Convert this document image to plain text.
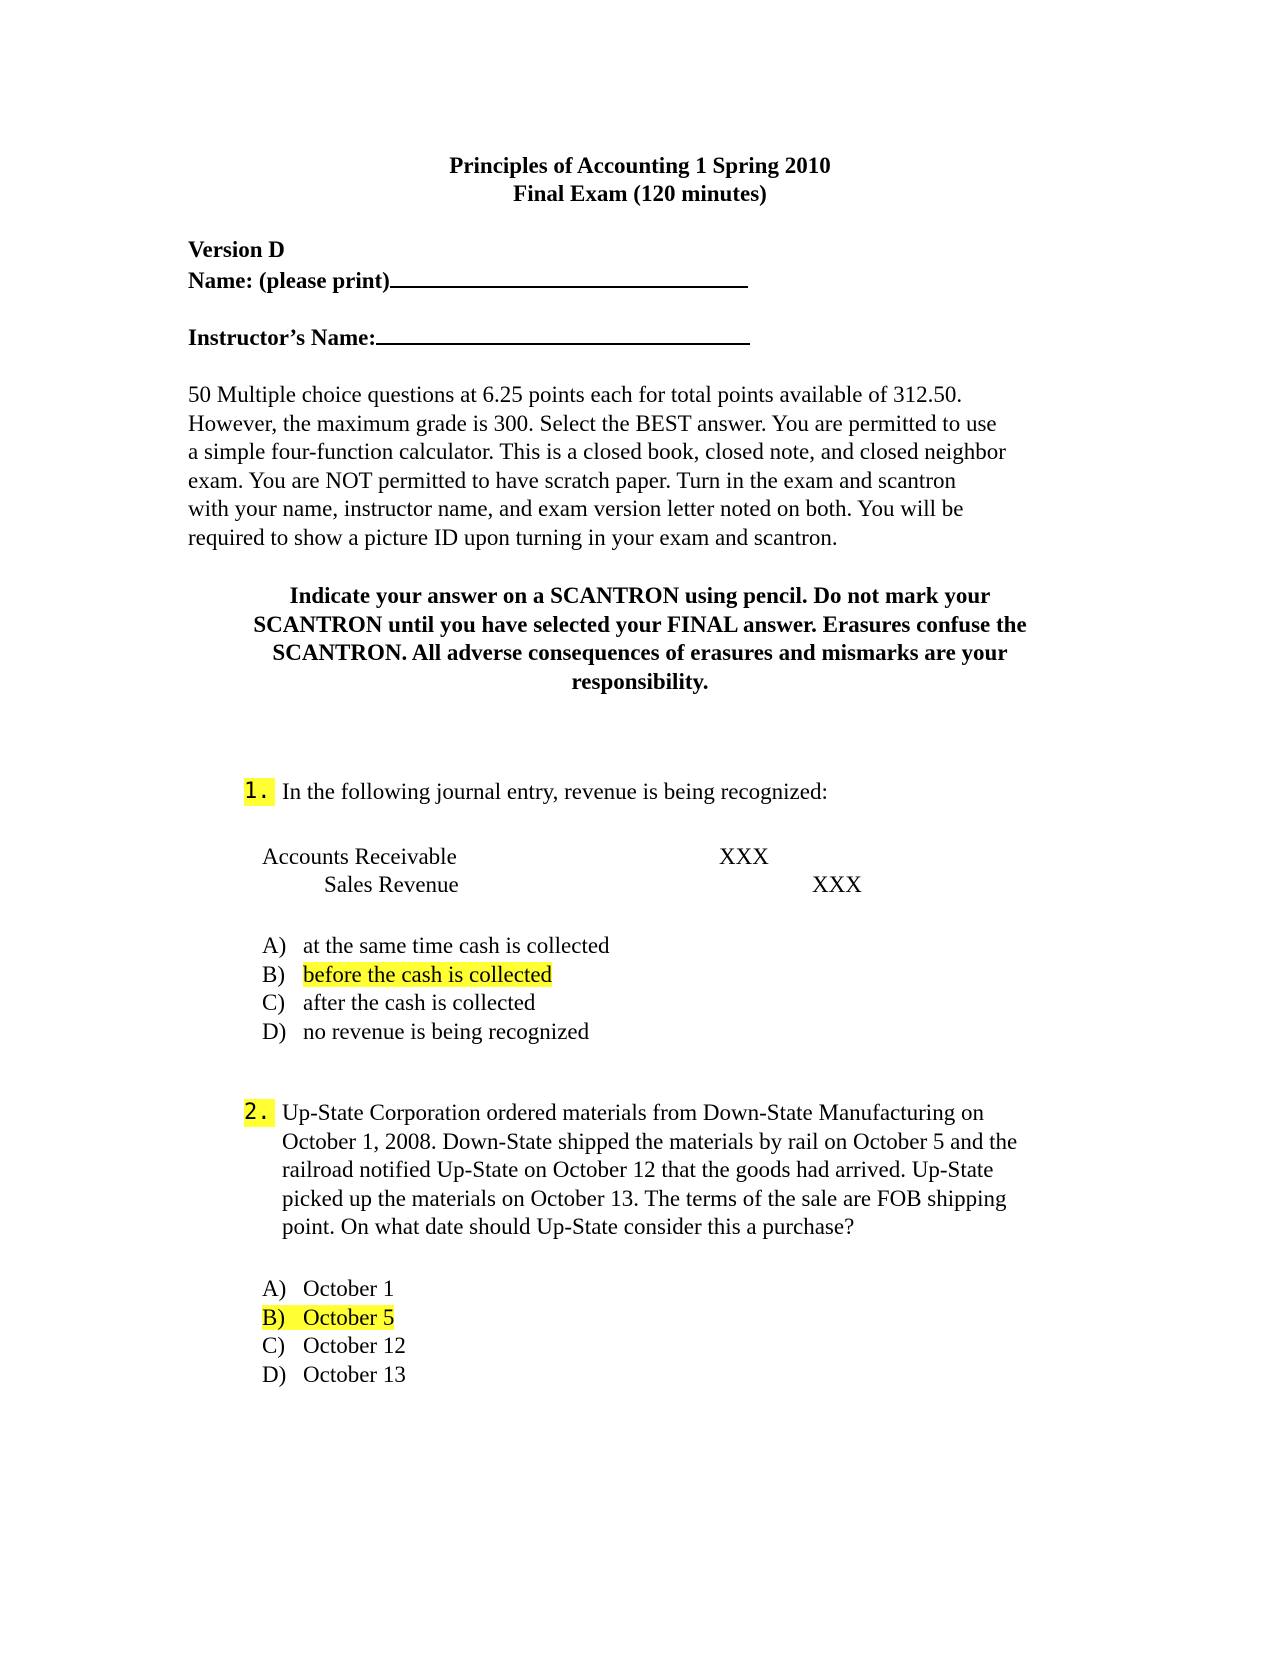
Principles of Accounting 1 Spring 2010
Final Exam (120 minutes)
Version D
Name: (please print)
Instructor’s Name:
50 Multiple choice questions at 6.25 points each for total points available of 312.50.
However, the maximum grade is 300. Select the BEST answer. You are permitted to use
a simple four-function calculator. This is a closed book, closed note, and closed neighbor
exam. You are NOT permitted to have scratch paper. Turn in the exam and scantron
with your name, instructor name, and exam version letter noted on both. You will be
required to show a picture ID upon turning in your exam and scantron.
Indicate your answer on a SCANTRON using pencil. Do not mark your
SCANTRON until you have selected your FINAL answer. Erasures confuse the
SCANTRON. All adverse consequences of erasures and mismarks are your
responsibility.
1. In the following journal entry, revenue is being recognized:
Accounts Receivable	XXX
Sales Revenue	XXX
A) at the same time cash is collected
B) before the cash is collected
C) after the cash is collected
D) no revenue is being recognized
2. Up-State Corporation ordered materials from Down-State Manufacturing on
October 1, 2008. Down-State shipped the materials by rail on October 5 and the
railroad notified Up-State on October 12 that the goods had arrived. Up-State
picked up the materials on October 13. The terms of the sale are FOB shipping
point. On what date should Up-State consider this a purchase?
A) October 1
B) October 5
C) October 12
D) October 13
